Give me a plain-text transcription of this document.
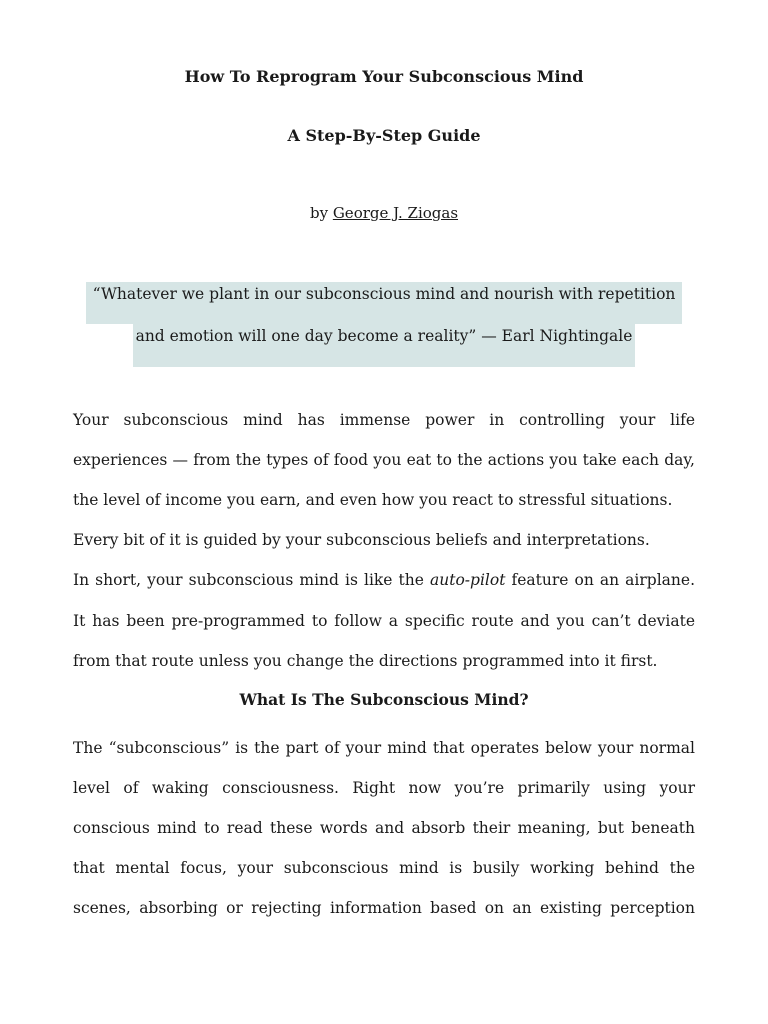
How To Reprogram Your Subconscious Mind
A Step-By-Step Guide
by George J. Ziogas
“Whatever we plant in our subconscious mind and nourish with repetition
and emotion will one day become a reality” — Earl Nightingale
Your subconscious mind has immense power in controlling your life
experiences — from the types of food you eat to the actions you take each day,
the level of income you earn, and even how you react to stressful situations.
Every bit of it is guided by your subconscious beliefs and interpretations.
In short, your subconscious mind is like the auto-pilot feature on an airplane.
It has been pre-programmed to follow a specific route and you can’t deviate
from that route unless you change the directions programmed into it first.
What Is The Subconscious Mind?
The “subconscious” is the part of your mind that operates below your normal
level of waking consciousness. Right now you’re primarily using your
conscious mind to read these words and absorb their meaning, but beneath
that mental focus, your subconscious mind is busily working behind the
scenes, absorbing or rejecting information based on an existing perception
